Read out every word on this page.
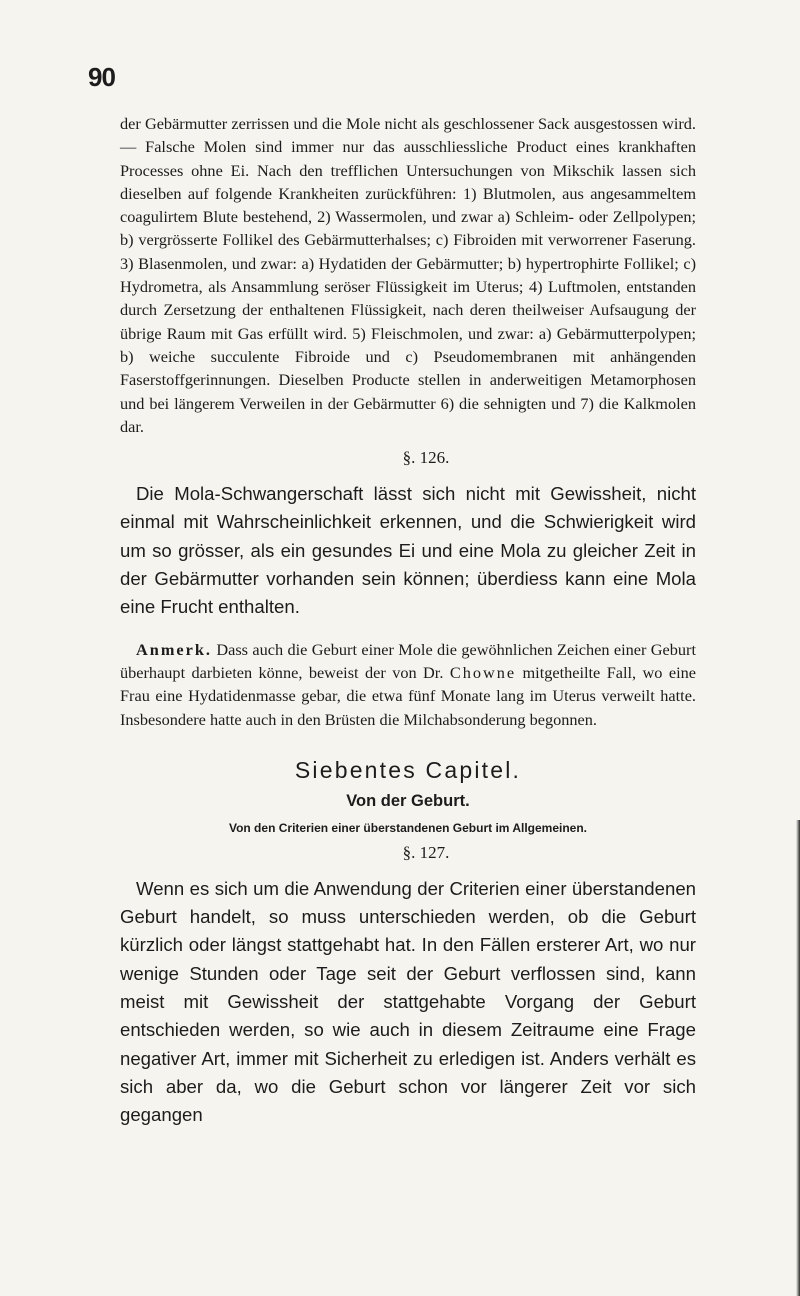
90

der Gebärmutter zerrissen und die Mole nicht als geschlossener Sack ausgestossen wird. — Falsche Molen sind immer nur das ausschliessliche Product eines krankhaften Processes ohne Ei. Nach den trefflichen Untersuchungen von Mikschik lassen sich dieselben auf folgende Krankheiten zurückführen: 1) Blutmolen, aus angesammeltem coagulirtem Blute bestehend, 2) Wassermolen, und zwar a) Schleim- oder Zellpolypen; b) vergrösserte Follikel des Gebärmutterhalses; c) Fibroiden mit verworrener Faserung. 3) Blasenmolen, und zwar: a) Hydatiden der Gebärmutter; b) hypertrophirte Follikel; c) Hydrometra, als Ansammlung seröser Flüssigkeit im Uterus; 4) Luftmolen, entstanden durch Zersetzung der enthaltenen Flüssigkeit, nach deren theilweiser Aufsaugung der übrige Raum mit Gas erfüllt wird. 5) Fleischmolen, und zwar: a) Gebärmutterpolypen; b) weiche succulente Fibroide und c) Pseudomembranen mit anhängenden Faserstoffgerinnungen. Dieselben Producte stellen in anderweitigen Metamorphosen und bei längerem Verweilen in der Gebärmutter 6) die sehnigten und 7) die Kalkmolen dar.

§. 126.

Die Mola-Schwangerschaft lässt sich nicht mit Gewissheit, nicht einmal mit Wahrscheinlichkeit erkennen, und die Schwierigkeit wird um so grösser, als ein gesundes Ei und eine Mola zu gleicher Zeit in der Gebärmutter vorhanden sein können; überdiess kann eine Mola eine Frucht enthalten.

Anmerk. Dass auch die Geburt einer Mole die gewöhnlichen Zeichen einer Geburt überhaupt darbieten könne, beweist der von Dr. Chowne mitgetheilte Fall, wo eine Frau eine Hydatidenmasse gebar, die etwa fünf Monate lang im Uterus verweilt hatte. Insbesondere hatte auch in den Brüsten die Milchabsonderung begonnen.

Siebentes Capitel.
Von der Geburt.
Von den Criterien einer überstandenen Geburt im Allgemeinen.
§. 127.

Wenn es sich um die Anwendung der Criterien einer überstandenen Geburt handelt, so muss unterschieden werden, ob die Geburt kürzlich oder längst stattgehabt hat. In den Fällen ersterer Art, wo nur wenige Stunden oder Tage seit der Geburt verflossen sind, kann meist mit Gewissheit der stattgehabte Vorgang der Geburt entschieden werden, so wie auch in diesem Zeitraume eine Frage negativer Art, immer mit Sicherheit zu erledigen ist. Anders verhält es sich aber da, wo die Geburt schon vor längerer Zeit vor sich gegangen
